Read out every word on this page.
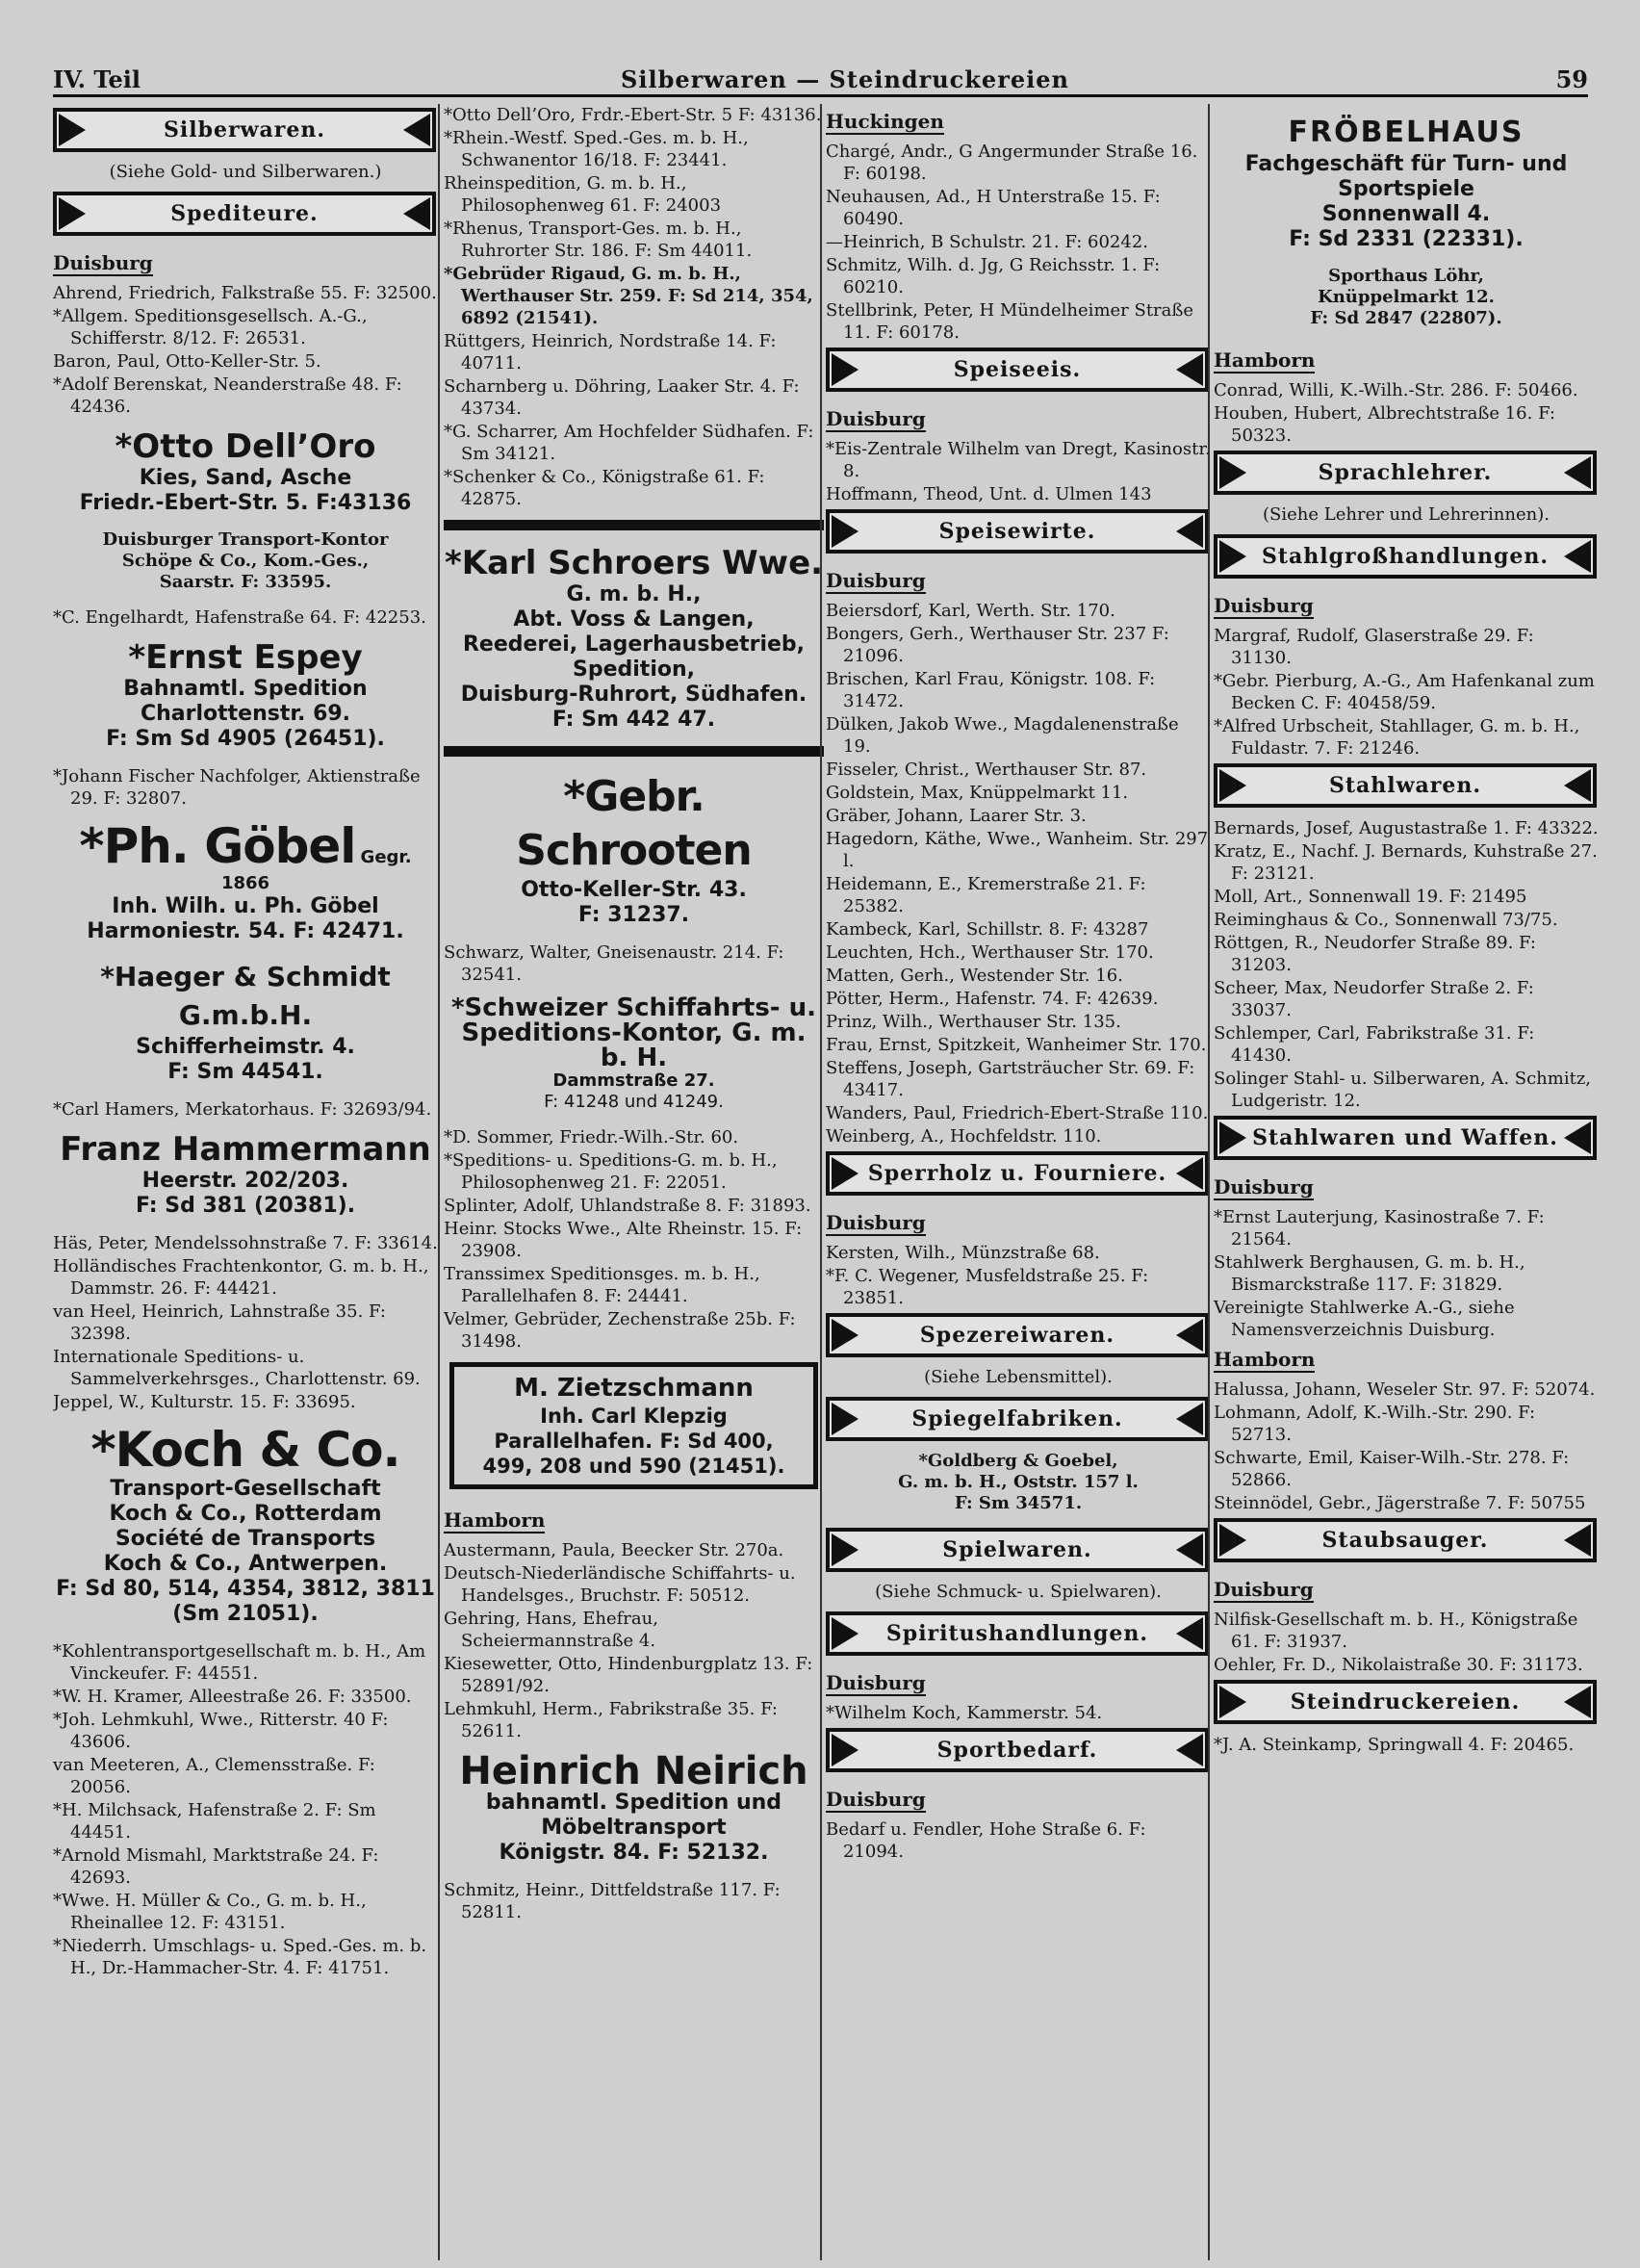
IV. Teil	Silberwaren — Steindruckereien	59
Silberwaren.
(Siehe Gold- und Silberwaren.)
Spediteure.
Duisburg
Ahrend, Friedrich, Falkstraße 55. F: 32500.
*Allgem. Speditionsgesellsch. A.-G., Schifferstr. 8/12. F: 26531.
Baron, Paul, Otto-Keller-Str. 5.
*Adolf Berenskat, Neanderstraße 48. F: 42436.
*Otto Dell’Oro
Kies, Sand, Asche
Friedr.-Ebert-Str. 5. F:43136
Duisburger Transport-Kontor
Schöpe & Co., Kom.-Ges.,
Saarstr. F: 33595.
*C. Engelhardt, Hafenstraße 64. F: 42253.
*Ernst Espey
Bahnamtl. Spedition
Charlottenstr. 69.
F: Sm Sd 4905 (26451).
*Johann Fischer Nachfolger, Aktienstraße 29. F: 32807.
*Ph. Göbel Gegr. 1866
Inh. Wilh. u. Ph. Göbel
Harmoniestr. 54. F: 42471.
*Haeger & Schmidt G.m.b.H.
Schifferheimstr. 4.
F: Sm 44541.
*Carl Hamers, Merkatorhaus. F: 32693/94.
Franz Hammermann
Heerstr. 202/203.
F: Sd 381 (20381).
Häs, Peter, Mendelssohnstraße 7. F: 33614.
Holländisches Frachtenkontor, G. m. b. H., Dammstr. 26. F: 44421.
van Heel, Heinrich, Lahnstraße 35. F: 32398.
Internationale Speditions- u. Sammelverkehrsges., Charlottenstr. 69.
Jeppel, W., Kulturstr. 15. F: 33695.
*Koch & Co.
Transport-Gesellschaft
Koch & Co., Rotterdam
Société de Transports
Koch & Co., Antwerpen.
F: Sd 80, 514, 4354, 3812, 3811 (Sm 21051).
*Kohlentransportgesellschaft m. b. H., Am Vinckeufer. F: 44551.
*W. H. Kramer, Alleestraße 26. F: 33500.
*Joh. Lehmkuhl, Wwe., Ritterstr. 40 F: 43606.
van Meeteren, A., Clemensstraße. F: 20056.
*H. Milchsack, Hafenstraße 2. F: Sm 44451.
*Arnold Mismahl, Marktstraße 24. F: 42693.
*Wwe. H. Müller & Co., G. m. b. H., Rheinallee 12. F: 43151.
*Niederrh. Umschlags- u. Sped.-Ges. m. b. H., Dr.-Hammacher-Str. 4. F: 41751.
*Otto Dell’Oro, Frdr.-Ebert-Str. 5 F: 43136.
*Rhein.-Westf. Sped.-Ges. m. b. H., Schwanentor 16/18. F: 23441.
Rheinspedition, G. m. b. H., Philosophenweg 61. F: 24003
*Rhenus, Transport-Ges. m. b. H., Ruhrorter Str. 186. F: Sm 44011.
*Gebrüder Rigaud, G. m. b. H., Werthauser Str. 259. F: Sd 214, 354, 6892 (21541).
Rüttgers, Heinrich, Nordstraße 14. F: 40711.
Scharnberg u. Döhring, Laaker Str. 4. F: 43734.
*G. Scharrer, Am Hochfelder Südhafen. F: Sm 34121.
*Schenker & Co., Königstraße 61. F: 42875.
*Karl Schroers Wwe.
G. m. b. H.,
Abt. Voss & Langen,
Reederei, Lagerhausbetrieb,
Spedition,
Duisburg-Ruhrort, Südhafen.
F: Sm 442 47.
*Gebr. Schrooten
Otto-Keller-Str. 43.
F: 31237.
Schwarz, Walter, Gneisenaustr. 214. F: 32541.
*Schweizer Schiffahrts- u.
Speditions-Kontor, G. m. b. H.
Dammstraße 27.
F: 41248 und 41249.
*D. Sommer, Friedr.-Wilh.-Str. 60.
*Speditions- u. Speditions-G. m. b. H., Philosophenweg 21. F: 22051.
Splinter, Adolf, Uhlandstraße 8. F: 31893.
Heinr. Stocks Wwe., Alte Rheinstr. 15. F: 23908.
Transsimex Speditionsges. m. b. H., Parallelhafen 8. F: 24441.
Velmer, Gebrüder, Zechenstraße 25b. F: 31498.
M. Zietzschmann
Inh. Carl Klepzig
Parallelhafen. F: Sd 400,
499, 208 und 590 (21451).
Hamborn
Austermann, Paula, Beecker Str. 270a.
Deutsch-Niederländische Schiffahrts- u. Handelsges., Bruchstr. F: 50512.
Gehring, Hans, Ehefrau, Scheiermannstraße 4.
Kiesewetter, Otto, Hindenburgplatz 13. F: 52891/92.
Lehmkuhl, Herm., Fabrikstraße 35. F: 52611.
Heinrich Neirich
bahnamtl. Spedition und
Möbeltransport
Königstr. 84. F: 52132.
Schmitz, Heinr., Dittfeldstraße 117. F: 52811.
Huckingen
Chargé, Andr., G Angermunder Straße 16. F: 60198.
Neuhausen, Ad., H Unterstraße 15. F: 60490.
—Heinrich, B Schulstr. 21. F: 60242.
Schmitz, Wilh. d. Jg, G Reichsstr. 1. F: 60210.
Stellbrink, Peter, H Mündelheimer Straße 11. F: 60178.
Speiseeis.
Duisburg
*Eis-Zentrale Wilhelm van Dregt, Kasinostr. 8.
Hoffmann, Theod, Unt. d. Ulmen 143
Speisewirte.
Duisburg
Beiersdorf, Karl, Werth. Str. 170.
Bongers, Gerh., Werthauser Str. 237 F: 21096.
Brischen, Karl Frau, Königstr. 108. F: 31472.
Dülken, Jakob Wwe., Magdalenenstraße 19.
Fisseler, Christ., Werthauser Str. 87.
Goldstein, Max, Knüppelmarkt 11.
Gräber, Johann, Laarer Str. 3.
Hagedorn, Käthe, Wwe., Wanheim. Str. 297 l.
Heidemann, E., Kremerstraße 21. F: 25382.
Kambeck, Karl, Schillstr. 8. F: 43287
Leuchten, Hch., Werthauser Str. 170.
Matten, Gerh., Westender Str. 16.
Pötter, Herm., Hafenstr. 74. F: 42639.
Prinz, Wilh., Werthauser Str. 135.
Frau, Ernst, Spitzkeit, Wanheimer Str. 170.
Steffens, Joseph, Gartsträucher Str. 69. F: 43417.
Wanders, Paul, Friedrich-Ebert-Straße 110.
Weinberg, A., Hochfeldstr. 110.
Sperrholz u. Fourniere.
Duisburg
Kersten, Wilh., Münzstraße 68.
*F. C. Wegener, Musfeldstraße 25. F: 23851.
Spezereiwaren.
(Siehe Lebensmittel).
Spiegelfabriken.
*Goldberg & Goebel,
G. m. b. H., Oststr. 157 l.
F: Sm 34571.
Spielwaren.
(Siehe Schmuck- u. Spielwaren).
Spiritushandlungen.
Duisburg
*Wilhelm Koch, Kammerstr. 54.
Sportbedarf.
Duisburg
Bedarf u. Fendler, Hohe Straße 6. F: 21094.
FRÖBELHAUS
Fachgeschäft für Turn- und
Sportspiele
Sonnenwall 4.
F: Sd 2331 (22331).
Sporthaus Löhr,
Knüppelmarkt 12.
F: Sd 2847 (22807).
Hamborn
Conrad, Willi, K.-Wilh.-Str. 286. F: 50466.
Houben, Hubert, Albrechtstraße 16. F: 50323.
Sprachlehrer.
(Siehe Lehrer und Lehrerinnen).
Stahlgroßhandlungen.
Duisburg
Margraf, Rudolf, Glaserstraße 29. F: 31130.
*Gebr. Pierburg, A.-G., Am Hafenkanal zum Becken C. F: 40458/59.
*Alfred Urbscheit, Stahllager, G. m. b. H., Fuldastr. 7. F: 21246.
Stahlwaren.
Bernards, Josef, Augustastraße 1. F: 43322.
Kratz, E., Nachf. J. Bernards, Kuhstraße 27. F: 23121.
Moll, Art., Sonnenwall 19. F: 21495
Reiminghaus & Co., Sonnenwall 73/75.
Röttgen, R., Neudorfer Straße 89. F: 31203.
Scheer, Max, Neudorfer Straße 2. F: 33037.
Schlemper, Carl, Fabrikstraße 31. F: 41430.
Solinger Stahl- u. Silberwaren, A. Schmitz, Ludgeristr. 12.
Stahlwaren und Waffen.
Duisburg
*Ernst Lauterjung, Kasinostraße 7. F: 21564.
Stahlwerk Berghausen, G. m. b. H., Bismarckstraße 117. F: 31829.
Vereinigte Stahlwerke A.-G., siehe Namensverzeichnis Duisburg.
Hamborn
Halussa, Johann, Weseler Str. 97. F: 52074.
Lohmann, Adolf, K.-Wilh.-Str. 290. F: 52713.
Schwarte, Emil, Kaiser-Wilh.-Str. 278. F: 52866.
Steinnödel, Gebr., Jägerstraße 7. F: 50755
Staubsauger.
Duisburg
Nilfisk-Gesellschaft m. b. H., Königstraße 61. F: 31937.
Oehler, Fr. D., Nikolaistraße 30. F: 31173.
Steindruckereien.
*J. A. Steinkamp, Springwall 4. F: 20465.
